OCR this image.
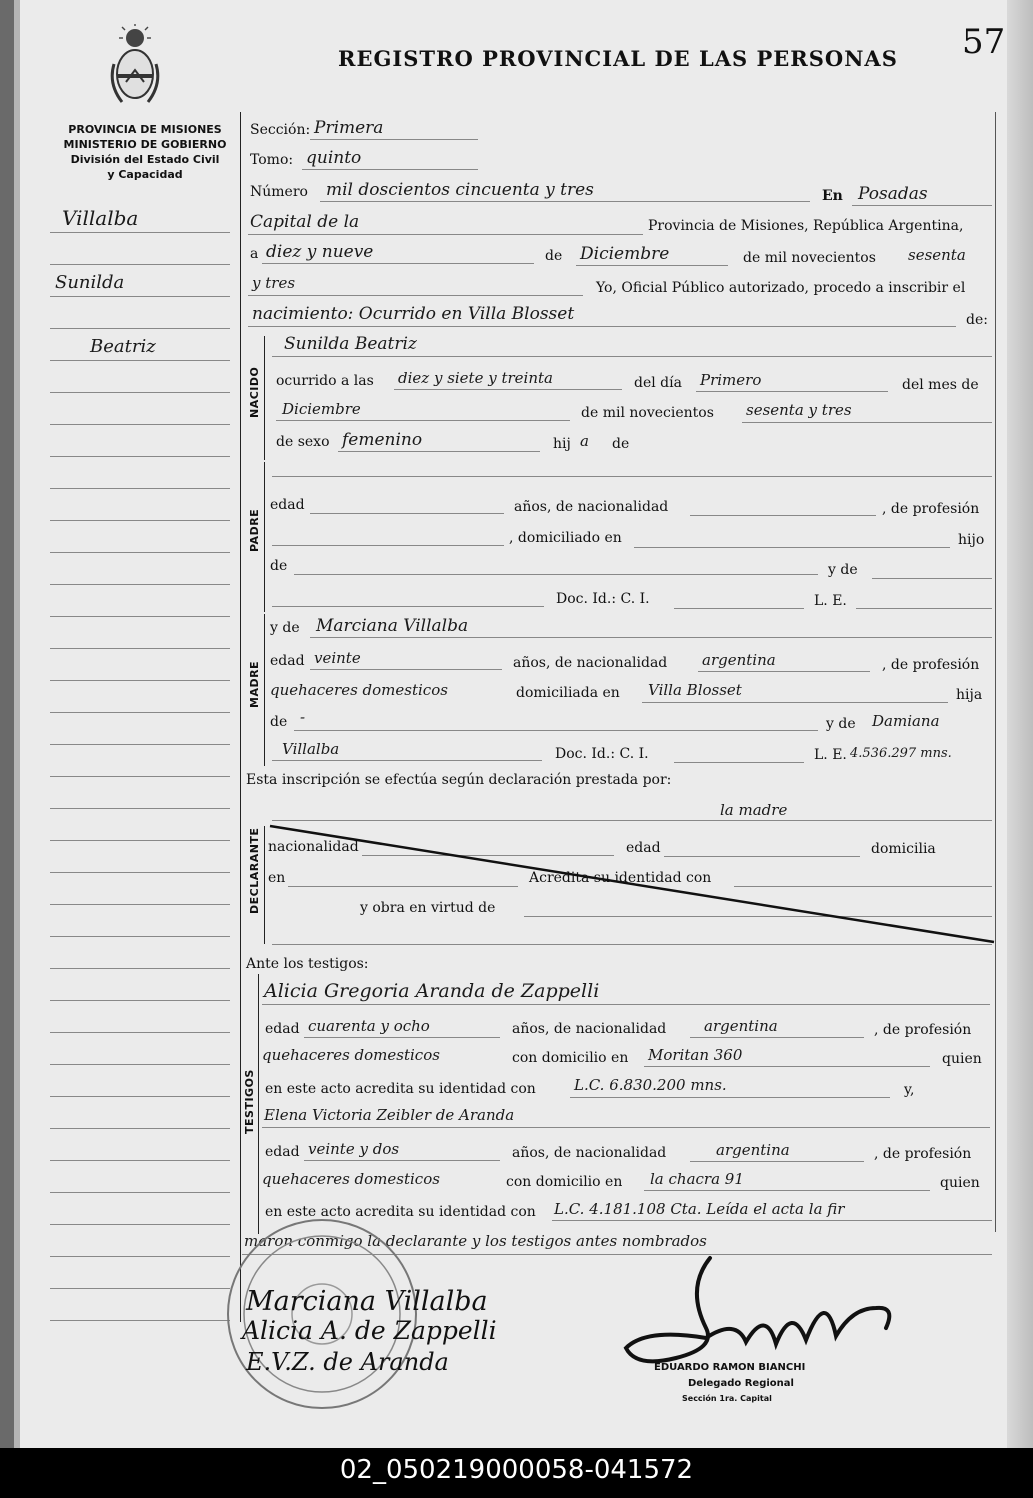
REGISTRO PROVINCIAL DE LAS PERSONAS 57
PROVINCIA DE MISIONES
MINISTERIO DE GOBIERNO
División del Estado Civil
y Capacidad
Villalba
Sunilda
Beatriz
Sección: Primera
Tomo: quinto
Número mil doscientos cincuenta y tres	En Posadas
Capital de la	Provincia de Misiones, República Argentina,
a diez y nueve	de Diciembre	de mil novecientos sesenta
y tres	Yo, Oficial Público autorizado, procedo a inscribir el
nacimiento: Ocurrido en Villa Blosset	de:
NACIDO
Sunilda Beatriz
ocurrido a las diez y siete y treinta	del día Primero	del mes de
Diciembre	de mil novecientos sesenta y tres
de sexo femenino	hij a de
PADRE
edad	años, de nacionalidad	, de profesión
, domiciliado en	hijo
de	y de
Doc. Id.: C. I.	L. E.
MADRE
y de Marciana Villalba
edad veinte	años, de nacionalidad argentina	, de profesión
quehaceres domesticos	domiciliada en Villa Blosset	hija
de -	y de Damiana
Villalba	Doc. Id.: C. I.	L. E. 4.536.297 mns.
Esta inscripción se efectúa según declaración prestada por:
la madre
DECLARANTE nacionalidad	edad	domicilia
en	Acredita su identidad con
y obra en virtud de
Ante los testigos:
TESTIGOS
Alicia Gregoria Aranda de Zappelli
edad cuarenta y ocho	años, de nacionalidad	argentina	, de profesión
quehaceres domesticos	con domicilio en Moritan 360	quien
en este acto acredita su identidad con	L.C. 6.830.200 mns.	y,
Elena Victoria Zeibler de Aranda
edad veinte y dos	años, de nacionalidad	argentina	, de profesión
quehaceres domesticos	con domicilio en la chacra 91	quien
en este acto acredita su identidad con L.C. 4.181.108 Cta. Leída el acta la fir
maron conmigo la declarante y los testigos antes nombrados
Marciana Villalba
Alicia A. de Zappelli
E.V.Z. de Aranda	EDUARDO RAMON BIANCHI
Delegado Regional
Sección 1ra. Capital
02_050219000058-041572
